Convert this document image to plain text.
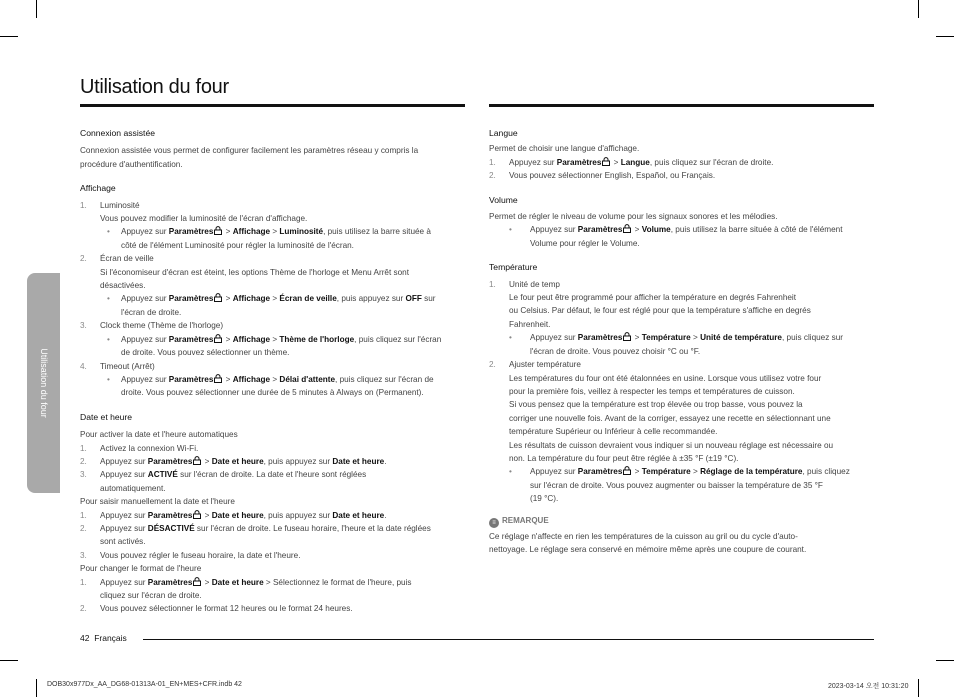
Utilisation du four
Utilisation du four

Connexion assistée

Connexion assistée vous permet de configurer facilement les paramètres réseau y compris la

procédure d'authentification.

Affichage

1. Luminosité

Vous pouvez modifier la luminosité de l'écran d'affichage.

• Appuyez sur Paramètres > Affichage > Luminosité, puis utilisez la barre située à
côté de l'élément Luminosité pour régler la luminosité de l'écran.
2. Écran de veille

Si l'économiseur d'écran est éteint, les options Thème de l'horloge et Menu Arrêt sont
désactivées.

• Appuyez sur Paramètres > Affichage > Écran de veille, puis appuyez sur OFF sur
l'écran de droite.
3. Clock theme (Thème de l'horloge)
• Appuyez sur Paramètres > Affichage > Thème de l'horloge, puis cliquez sur l'écran
de droite. Vous pouvez sélectionner un thème.
4. Timeout (Arrêt)
• Appuyez sur Paramètres > Affichage > Délai d'attente, puis cliquez sur l'écran de
droite. Vous pouvez sélectionner une durée de 5 minutes à Always on (Permanent).

Date et heure

Pour activer la date et l'heure automatiques

1. Activez la connexion Wi-Fi.
2. Appuyez sur Paramètres > Date et heure, puis appuyez sur Date et heure.
3. Appuyez sur ACTIVÉ sur l'écran de droite. La date et l'heure sont réglées
automatiquement.

Pour saisir manuellement la date et l'heure

1. Appuyez sur Paramètres > Date et heure, puis appuyez sur Date et heure.
2. Appuyez sur DÉSACTIVÉ sur l'écran de droite. Le fuseau horaire, l'heure et la date réglées
sont activés.
3. Vous pouvez régler le fuseau horaire, la date et l'heure.

Pour changer le format de l'heure

1. Appuyez sur Paramètres > Date et heure > Sélectionnez le format de l'heure, puis
cliquez sur l'écran de droite.
2. Vous pouvez sélectionner le format 12 heures ou le format 24 heures.

Langue

Permet de choisir une langue d'affichage.

1. Appuyez sur Paramètres > Langue, puis cliquez sur l'écran de droite.
2. Vous pouvez sélectionner English, Español, ou Français.

Volume

Permet de régler le niveau de volume pour les signaux sonores et les mélodies.

• Appuyez sur Paramètres > Volume, puis utilisez la barre située à côté de l'élément
Volume pour régler le Volume.

Température

1. Unité de temp

Le four peut être programmé pour afficher la température en degrés Fahrenheit
ou Celsius. Par défaut, le four est réglé pour que la température s'affiche en degrés
Fahrenheit.

• Appuyez sur Paramètres > Température > Unité de température, puis cliquez sur
l'écran de droite. Vous pouvez choisir °C ou °F.
2. Ajuster température

Les températures du four ont été étalonnées en usine. Lorsque vous utilisez votre four
pour la première fois, veillez à respecter les temps et températures de cuisson.
Si vous pensez que la température est trop élevée ou trop basse, vous pouvez la
corriger une nouvelle fois. Avant de la corriger, essayez une recette en sélectionnant une
température Supérieur ou Inférieur à celle recommandée.
Les résultats de cuisson devraient vous indiquer si un nouveau réglage est nécessaire ou
non. La température du four peut être réglée à ±35 °F (±19 °C).

• Appuyez sur Paramètres > Température > Réglage de la température, puis cliquez
sur l'écran de droite. Vous pouvez augmenter ou baisser la température de 35 °F
(19 °C).

≡ REMARQUE

Ce réglage n'affecte en rien les températures de la cuisson au gril ou du cycle d'auto-
nettoyage. Le réglage sera conservé en mémoire même après une coupure de courant.

42 Français
DOB30x977Dx_AA_DG68-01313A-01_EN+MES+CFR.indb 42	2023-03-14 오전 10:31:20
